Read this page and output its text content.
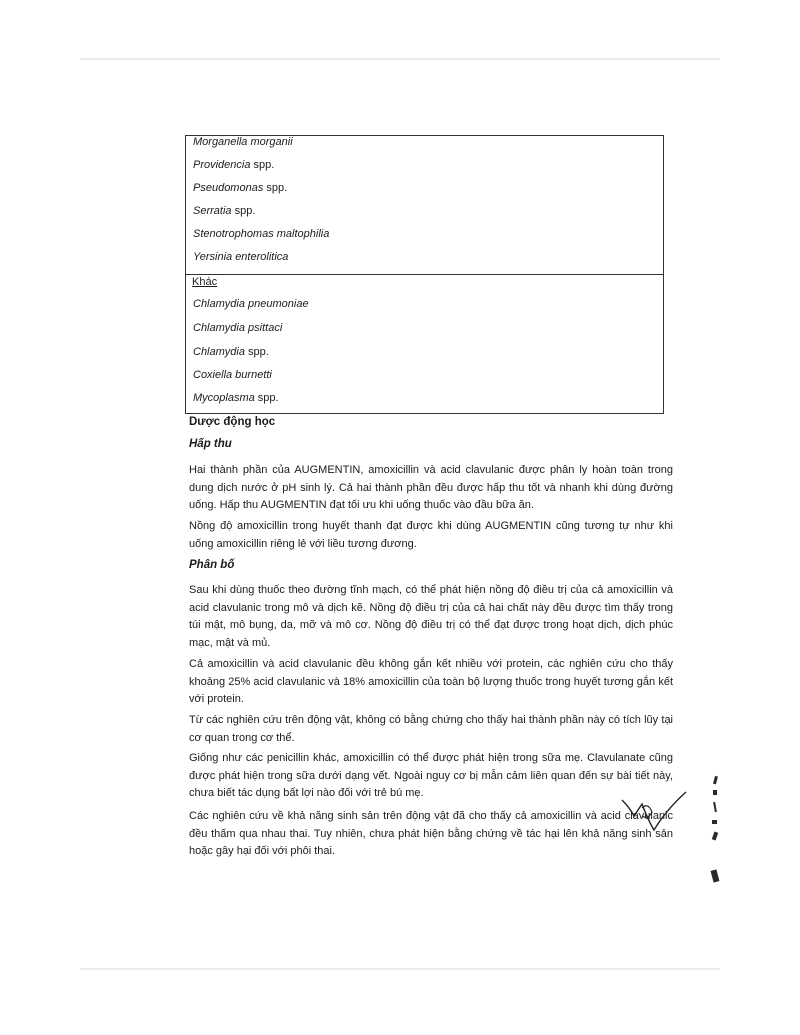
Morganella morganii
Providencia spp.
Pseudomonas spp.
Serratia spp.
Stenotrophomas maltophilia
Yersinia enterolitica
Khác
Chlamydia pneumoniae
Chlamydia psittaci
Chlamydia spp.
Coxiella burnetti
Mycoplasma spp.
Dược động học
Hấp thu
Hai thành phần của AUGMENTIN, amoxicillin và acid clavulanic được phân ly hoàn toàn trong dung dịch nước ở pH sinh lý. Cả hai thành phần đều được hấp thu tốt và nhanh khi dùng đường uống. Hấp thu AUGMENTIN đạt tối ưu khi uống thuốc vào đầu bữa ăn.
Nồng độ amoxicillin trong huyết thanh đạt được khi dùng AUGMENTIN cũng tương tự như khi uống amoxicillin riêng lẻ với liều tương đương.
Phân bố
Sau khi dùng thuốc theo đường tĩnh mạch, có thể phát hiện nồng độ điều trị của cả amoxicillin và acid clavulanic trong mô và dịch kẽ. Nồng độ điều trị của cả hai chất này đều được tìm thấy trong túi mật, mô bụng, da, mỡ và mô cơ. Nồng độ điều trị có thể đạt được trong hoạt dịch, dịch phúc mạc, mật và mủ.
Cả amoxicillin và acid clavulanic đều không gắn kết nhiều với protein, các nghiên cứu cho thấy khoảng 25% acid clavulanic và 18% amoxicillin của toàn bộ lượng thuốc trong huyết tương gắn kết với protein.
Từ các nghiên cứu trên động vật, không có bằng chứng cho thấy hai thành phần này có tích lũy tại cơ quan trong cơ thể.
Giống như các penicillin khác, amoxicillin có thể được phát hiện trong sữa mẹ. Clavulanate cũng được phát hiện trong sữa dưới dạng vết. Ngoài nguy cơ bị mẫn cảm liên quan đến sự bài tiết này, chưa biết tác dụng bất lợi nào đối với trẻ bú mẹ.
Các nghiên cứu về khả năng sinh sản trên động vật đã cho thấy cả amoxicillin và acid clavulanic đều thấm qua nhau thai. Tuy nhiên, chưa phát hiện bằng chứng về tác hại lên khả năng sinh sản hoặc gây hại đối với phôi thai.
